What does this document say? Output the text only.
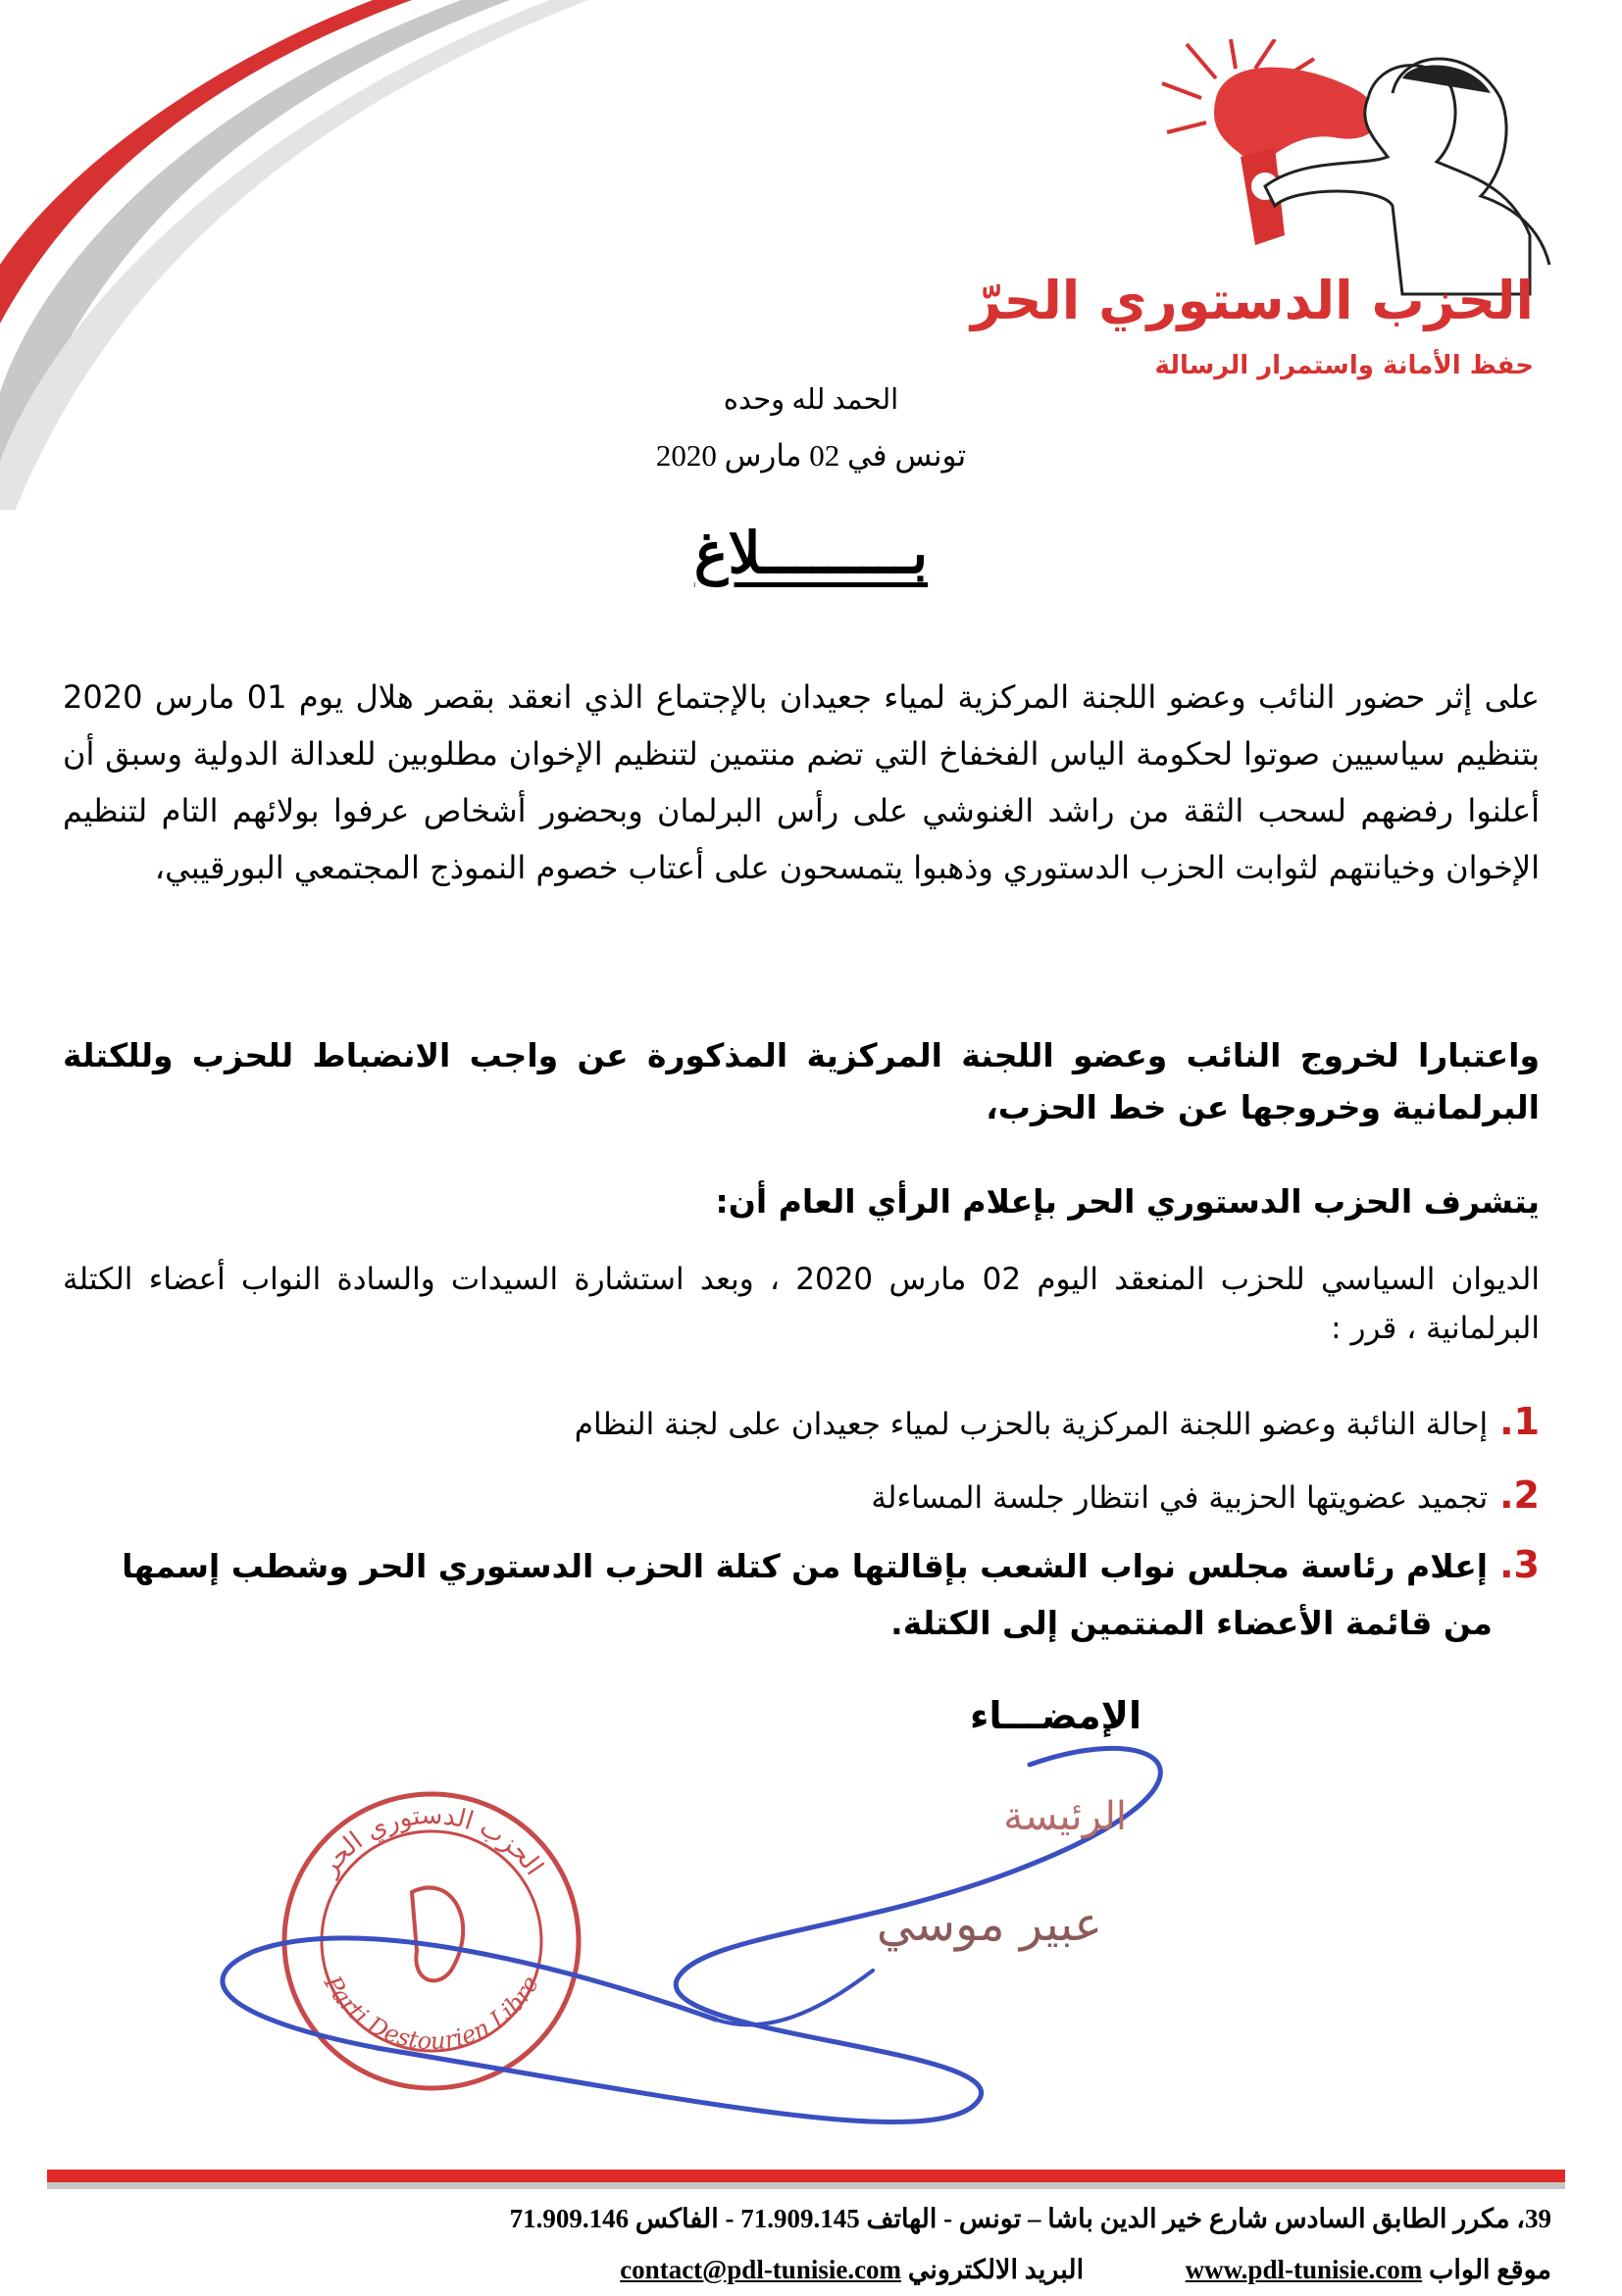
الحزب الدستوري الحرّ
حفظ الأمانة واستمرار الرسالة
الحمد لله وحده
تونس في 02 مارس 2020
بـــــــــلاغ
على إثر حضور النائب وعضو اللجنة المركزية لمياء جعيدان بالإجتماع الذي انعقد بقصر هلال يوم 01 مارس 2020 بتنظيم سياسيين صوتوا لحكومة الياس الفخفاخ التي تضم منتمين لتنظيم الإخوان مطلوبين للعدالة الدولية وسبق أن أعلنوا رفضهم لسحب الثقة من راشد الغنوشي على رأس البرلمان وبحضور أشخاص عرفوا بولائهم التام لتنظيم الإخوان وخيانتهم لثوابت الحزب الدستوري وذهبوا يتمسحون على أعتاب خصوم النموذج المجتمعي البورقيبي،
واعتبارا لخروج النائب وعضو اللجنة المركزية المذكورة عن واجب الانضباط للحزب وللكتلة البرلمانية وخروجها عن خط الحزب،
يتشرف الحزب الدستوري الحر بإعلام الرأي العام أن:
الديوان السياسي للحزب المنعقد اليوم 02 مارس 2020 ، وبعد استشارة السيدات والسادة النواب أعضاء الكتلة البرلمانية ، قرر :
1.إحالة النائبة وعضو اللجنة المركزية بالحزب لمياء جعيدان على لجنة النظام
2.تجميد عضويتها الحزبية في انتظار جلسة المساءلة
3.إعلام رئاسة مجلس نواب الشعب بإقالتها من كتلة الحزب الدستوري الحر وشطب إسمها من قائمة الأعضاء المنتمين إلى الكتلة.
الإمضـــاء
الحزب الدستوري الحر
Parti Destourien Libre
الرئيسة
عبير موسي
39، مكرر الطابق السادس شارع خير الدين باشا – تونس - الهاتف 71.909.145 - الفاكس 71.909.146
موقع الواب www.pdl-tunisie.com  البريد الالكتروني contact@pdl-tunisie.com
